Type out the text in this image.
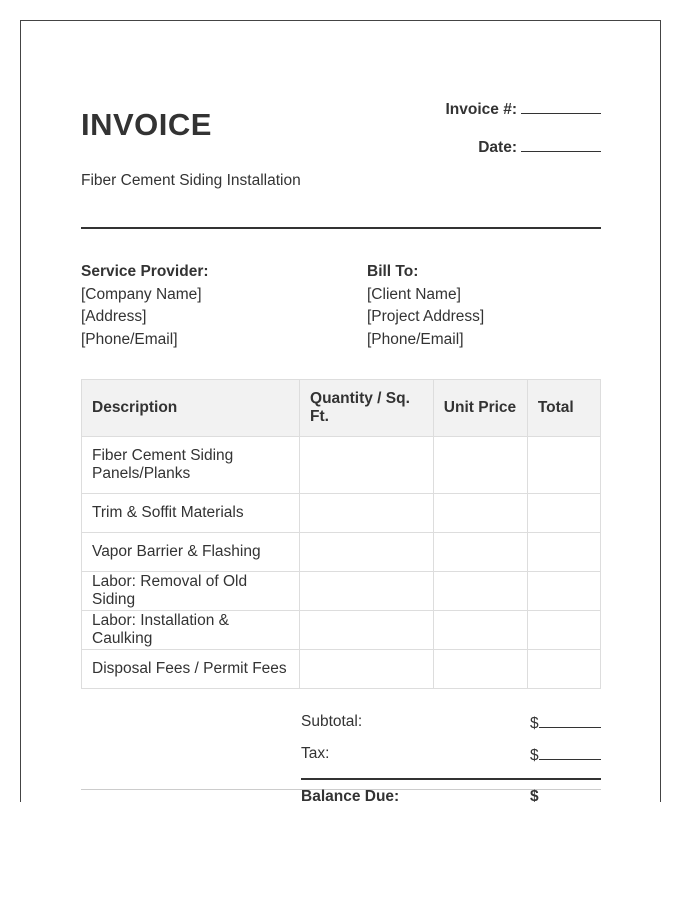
INVOICE
Fiber Cement Siding Installation
Invoice #:
Date:
Service Provider:
[Company Name]
[Address]
[Phone/Email]
Bill To:
[Client Name]
[Project Address]
[Phone/Email]
Description	Quantity / Sq. Ft.	Unit Price	Total
Fiber Cement Siding Panels/Planks			
Trim & Soffit Materials			
Vapor Barrier & Flashing			
Labor: Removal of Old Siding			
Labor: Installation & Caulking			
Disposal Fees / Permit Fees			
Subtotal:	$
Tax:	$
Balance Due:	$
